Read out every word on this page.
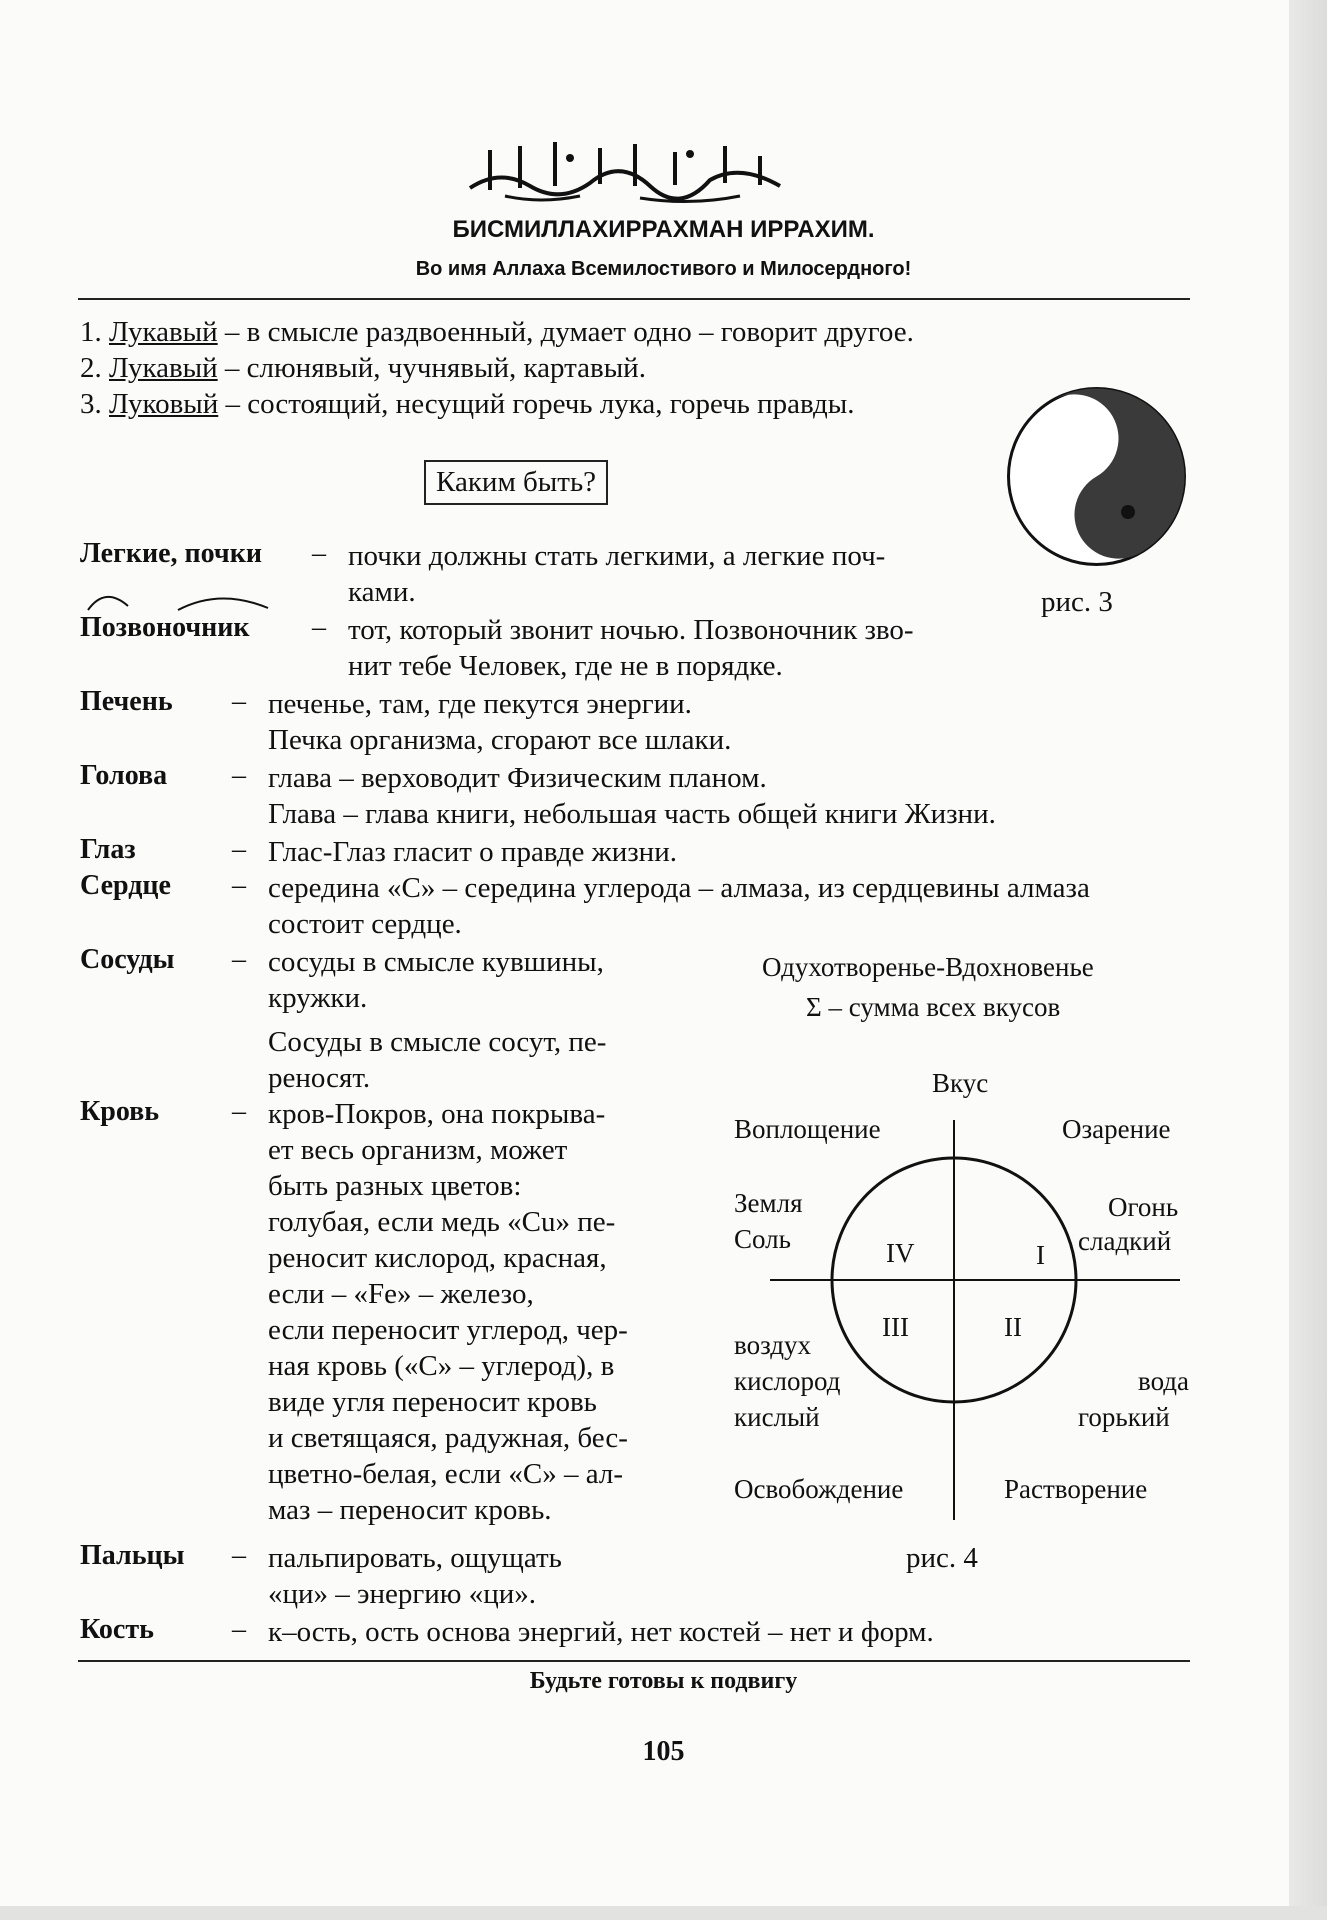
БИСМИЛЛАХИРРАХМАН ИРРАХИМ.
Во имя Аллаха Всемилостивого и Милосердного!
1. Лукавый – в смысле раздвоенный, думает одно – говорит другое.
2. Лукавый – слюнявый, чучнявый, картавый.
3. Луковый – состоящий, несущий горечь лука, горечь правды.
Каким быть?
рис. 3
Легкие, почки – почки должны стать легкими, а легкие поч-
ками.
Позвоночник – тот, который звонит ночью. Позвоночник зво-
нит тебе Человек, где не в порядке.
Печень – печенье, там, где пекутся энергии.
Печка организма, сгорают все шлаки.
Голова – глава – верховодит Физическим планом.
Глава – глава книги, небольшая часть общей книги Жизни.
Глаз	– Глас-Глаз гласит о правде жизни.
Сердце – середина «С» – середина углерода – алмаза, из сердцевины алмаза
состоит сердце.
Сосуды – сосуды в смысле кувшины,
кружки.
Сосуды в смысле сосут, пе-
реносят.
Кровь	– кров-Покров, она покрыва-
ет весь организм, может
быть разных цветов:
голубая, если медь «Cu» пе-
реносит кислород, красная,
если – «Fe» – железо,
если переносит углерод, чер-
ная кровь («С» – углерод), в
виде угля переносит кровь
и светящаяся, радужная, бес-
цветно-белая, если «С» – ал-
маз – переносит кровь.
Пальцы – пальпировать, ощущать
«ци» – энергию «ци».
Кость	– к–ость, ость основа энергий, нет костей – нет и форм.
Одухотворенье-Вдохновенье
Σ – сумма всех вкусов
Вкус
Воплощение	Озарение
Земля
Соль
Огонь
сладкий
IV	I
III	II
воздух
кислород
кислый
вода
горький
Освобождение	Растворение
рис. 4
Будьте готовы к подвигу
105
